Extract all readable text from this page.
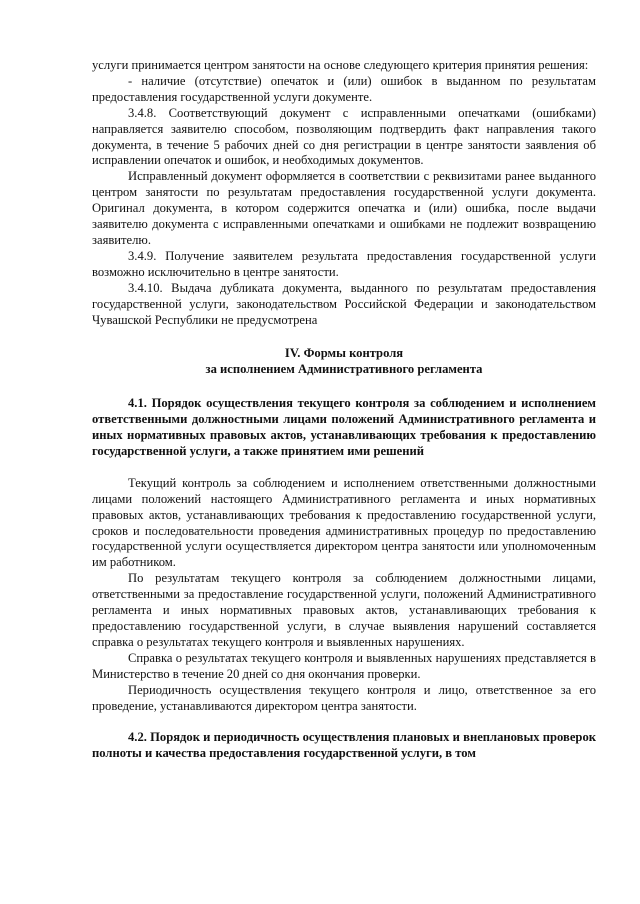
услуги принимается центром занятости на основе следующего критерия принятия решения:

- наличие (отсутствие) опечаток и (или) ошибок в выданном по результатам предоставления государственной услуги документе.

3.4.8. Соответствующий документ с исправленными опечатками (ошибками) направляется заявителю способом, позволяющим подтвердить факт направления такого документа, в течение 5 рабочих дней со дня регистрации в центре занятости заявления об исправлении опечаток и ошибок, и необходимых документов.

Исправленный документ оформляется в соответствии с реквизитами ранее выданного центром занятости по результатам предоставления государственной услуги документа. Оригинал документа, в котором содержится опечатка и (или) ошибка, после выдачи заявителю документа с исправленными опечатками и ошибками не подлежит возвращению заявителю.

3.4.9. Получение заявителем результата предоставления государственной услуги возможно исключительно в центре занятости.

3.4.10. Выдача дубликата документа, выданного по результатам предоставления государственной услуги, законодательством Российской Федерации и законодательством Чувашской Республики не предусмотрена

IV. Формы контроля

за исполнением Административного регламента

4.1. Порядок осуществления текущего контроля за соблюдением и исполнением ответственными должностными лицами положений Административного регламента и иных нормативных правовых актов, устанавливающих требования к предоставлению государственной услуги, а также принятием ими решений

Текущий контроль за соблюдением и исполнением ответственными должностными лицами положений настоящего Административного регламента и иных нормативных правовых актов, устанавливающих требования к предоставлению государственной услуги, сроков и последовательности проведения административных процедур по предоставлению государственной услуги осуществляется директором центра занятости или уполномоченным им работником.

По результатам текущего контроля за соблюдением должностными лицами, ответственными за предоставление государственной услуги, положений Административного регламента и иных нормативных правовых актов, устанавливающих требования к предоставлению государственной услуги, в случае выявления нарушений составляется справка о результатах текущего контроля и выявленных нарушениях.

Справка о результатах текущего контроля и выявленных нарушениях представляется в Министерство в течение 20 дней со дня окончания проверки.

Периодичность осуществления текущего контроля и лицо, ответственное за его проведение, устанавливаются директором центра занятости.

4.2. Порядок и периодичность осуществления плановых и внеплановых проверок полноты и качества предоставления государственной услуги, в том
